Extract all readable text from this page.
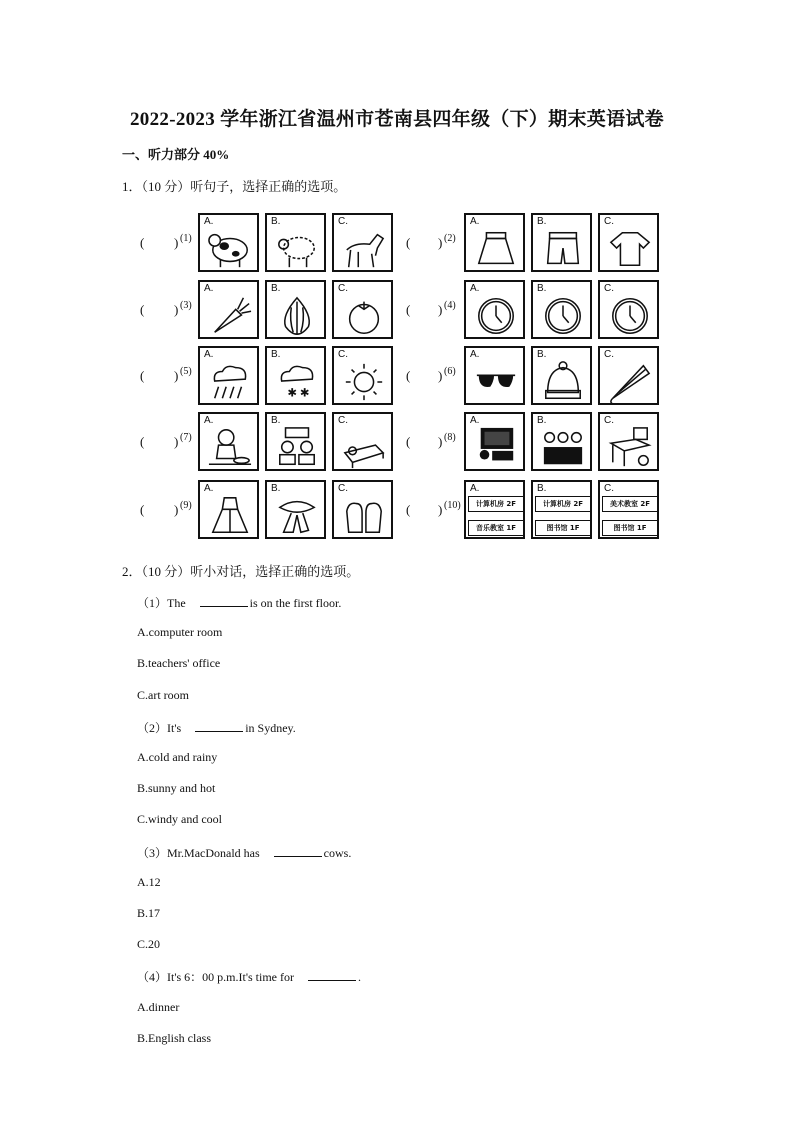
2022-2023 学年浙江省温州市苍南县四年级（下）期末英语试卷
一、听力部分 40%
1．（10 分）听句子，选择正确的选项。
( ) (1)	( ) (2)
A.	B.	C.	A.	B.	C.
( ) (3)	( ) (4)
A.	B.	C.	A.	B.	C.
( ) (5)	( ) (6)
A.	B.
✱ ✱
C.	A.	B.	C.
( ) (7)	( ) (8)
A.	B.	C.	A.	B.	C.
( ) (9)	( ) (10)
A.	B.	C.	A.
计算机房 2F
音乐教室 1F
B.
计算机房 2F
图书馆 1F
C.
美术教室 2F
图书馆 1F
2．（10 分）听小对话，选择正确的选项。
（1）The	is on the first floor.
A.computer room
B.teachers' office
C.art room
（2）It's	in Sydney.
A.cold and rainy
B.sunny and hot
C.windy and cool
（3）Mr.MacDonald has	cows.
A.12
B.17
C.20
（4）It's 6：00 p.m.It's time for	.
A.dinner
B.English class
